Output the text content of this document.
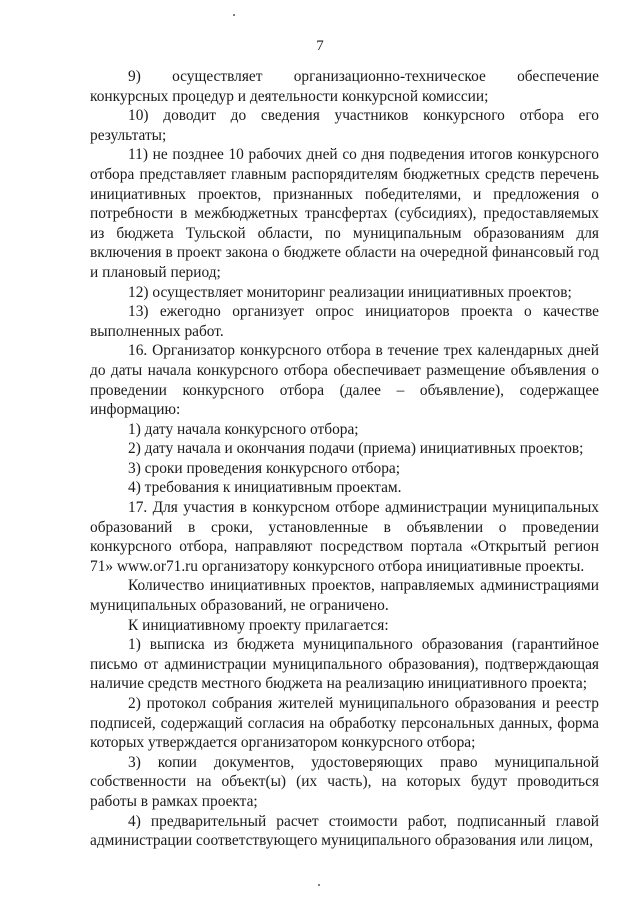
7

9) осуществляет организационно-техническое обеспечение конкурсных процедур и деятельности конкурсной комиссии;

10) доводит до сведения участников конкурсного отбора его результаты;

11) не позднее 10 рабочих дней со дня подведения итогов конкурсного отбора представляет главным распорядителям бюджетных средств перечень инициативных проектов, признанных победителями, и предложения о потребности в межбюджетных трансфертах (субсидиях), предоставляемых из бюджета Тульской области, по муниципальным образованиям для включения в проект закона о бюджете области на очередной финансовый год и плановый период;

12) осуществляет мониторинг реализации инициативных проектов;

13) ежегодно организует опрос инициаторов проекта о качестве выполненных работ.

16. Организатор конкурсного отбора в течение трех календарных дней до даты начала конкурсного отбора обеспечивает размещение объявления о проведении конкурсного отбора (далее – объявление), содержащее информацию:

1) дату начала конкурсного отбора;

2) дату начала и окончания подачи (приема) инициативных проектов;

3) сроки проведения конкурсного отбора;

4) требования к инициативным проектам.

17. Для участия в конкурсном отборе администрации муниципальных образований в сроки, установленные в объявлении о проведении конкурсного отбора, направляют посредством портала «Открытый регион 71» www.or71.ru организатору конкурсного отбора инициативные проекты.

Количество инициативных проектов, направляемых администрациями муниципальных образований, не ограничено.

К инициативному проекту прилагается:

1) выписка из бюджета муниципального образования (гарантийное письмо от администрации муниципального образования), подтверждающая наличие средств местного бюджета на реализацию инициативного проекта;

2) протокол собрания жителей муниципального образования и реестр подписей, содержащий согласия на обработку персональных данных, форма которых утверждается организатором конкурсного отбора;

3) копии документов, удостоверяющих право муниципальной собственности на объект(ы) (их часть), на которых будут проводиться работы в рамках проекта;

4) предварительный расчет стоимости работ, подписанный главой администрации соответствующего муниципального образования или лицом,
